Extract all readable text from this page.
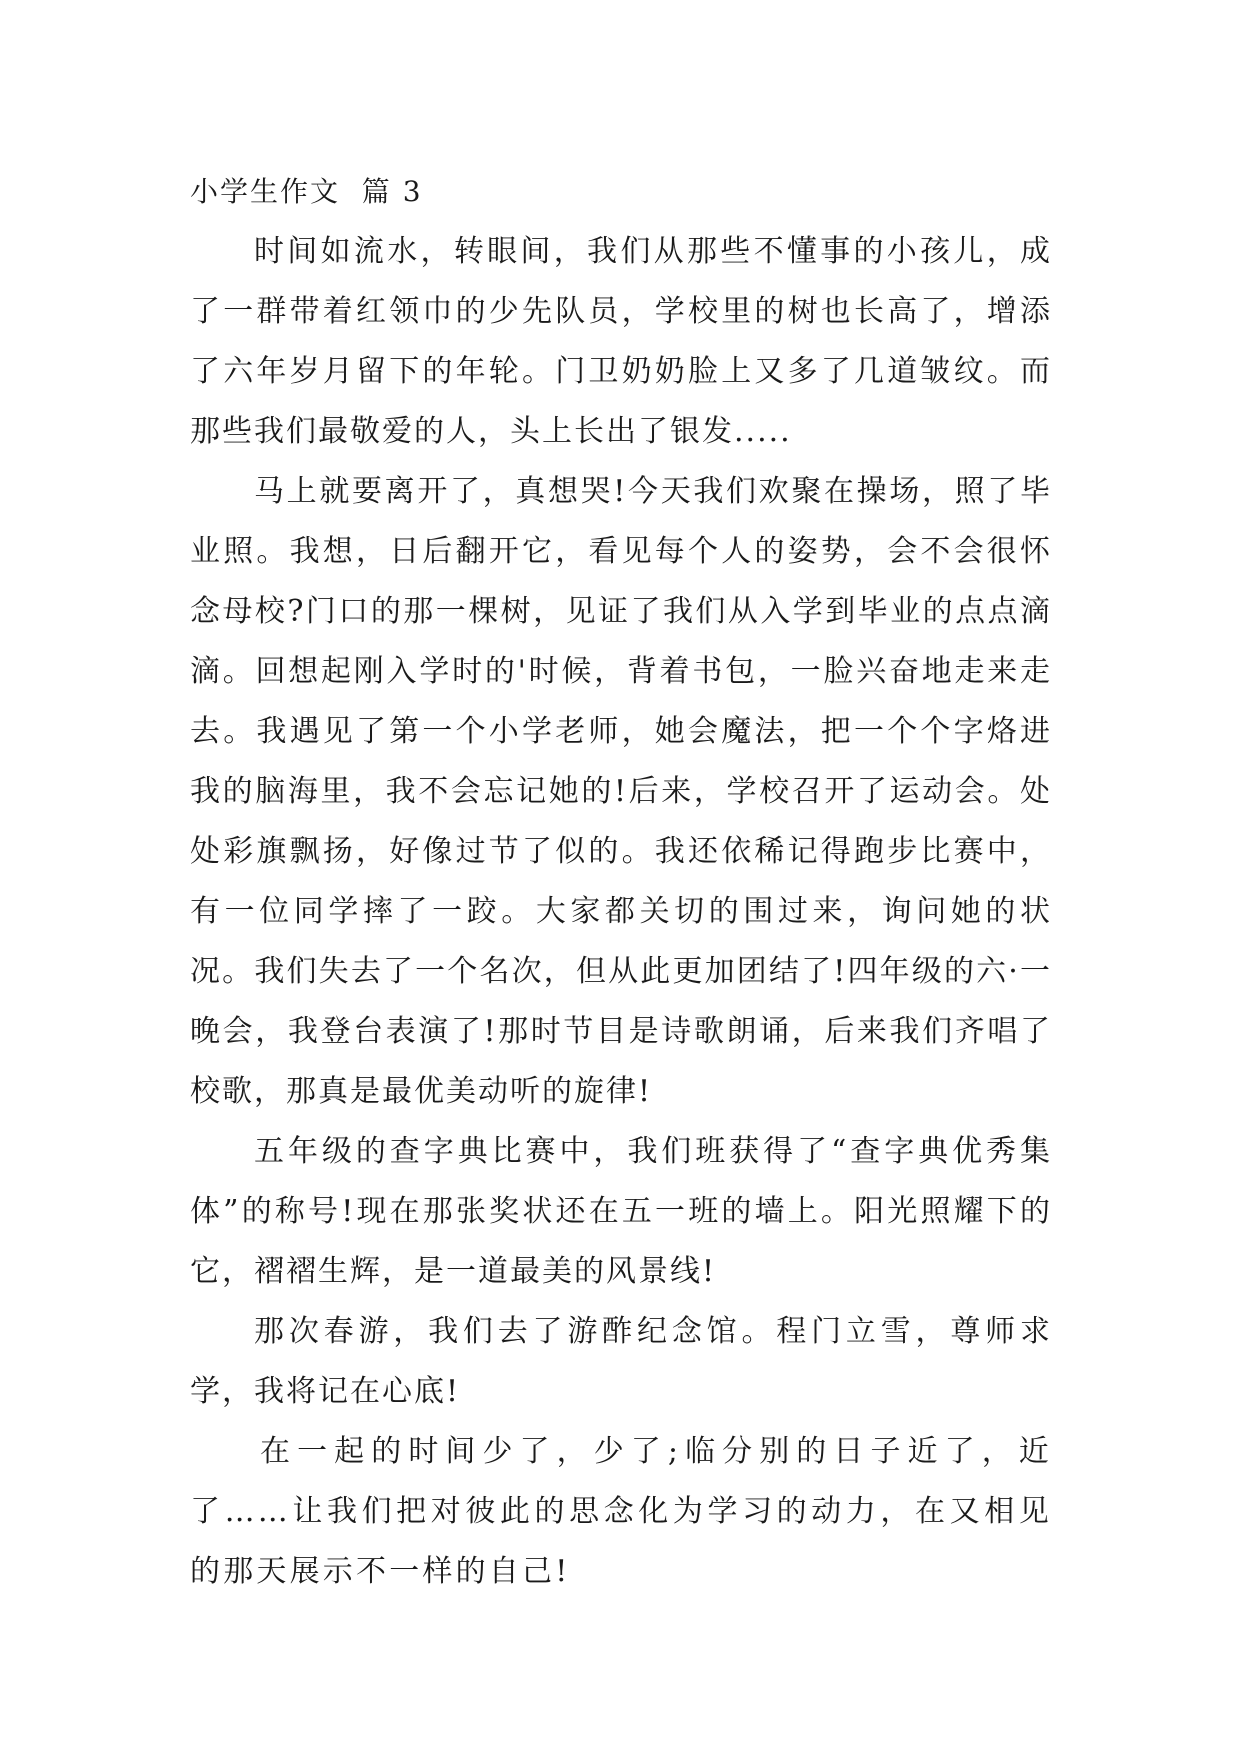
小学生作文  篇 3

时间如流水，转眼间，我们从那些不懂事的小孩儿，成了一群带着红领巾的少先队员，学校里的树也长高了，增添了六年岁月留下的年轮。门卫奶奶脸上又多了几道皱纹。而那些我们最敬爱的人，头上长出了银发.....

马上就要离开了，真想哭!今天我们欢聚在操场，照了毕业照。我想，日后翻开它，看见每个人的姿势，会不会很怀念母校?门口的那一棵树，见证了我们从入学到毕业的点点滴滴。回想起刚入学时的'时候，背着书包，一脸兴奋地走来走去。我遇见了第一个小学老师，她会魔法，把一个个字烙进我的脑海里，我不会忘记她的!后来，学校召开了运动会。处处彩旗飘扬，好像过节了似的。我还依稀记得跑步比赛中，有一位同学摔了一跤。大家都关切的围过来，询问她的状况。我们失去了一个名次，但从此更加团结了!四年级的六·一晚会，我登台表演了!那时节目是诗歌朗诵，后来我们齐唱了校歌，那真是最优美动听的旋律!

五年级的查字典比赛中，我们班获得了“查字典优秀集体”的称号!现在那张奖状还在五一班的墙上。阳光照耀下的它，褶褶生辉，是一道最美的风景线!

那次春游，我们去了游酢纪念馆。程门立雪，尊师求学，我将记在心底!

在一起的时间少了，少了;临分别的日子近了，近了……让我们把对彼此的思念化为学习的动力，在又相见的那天展示不一样的自己!
